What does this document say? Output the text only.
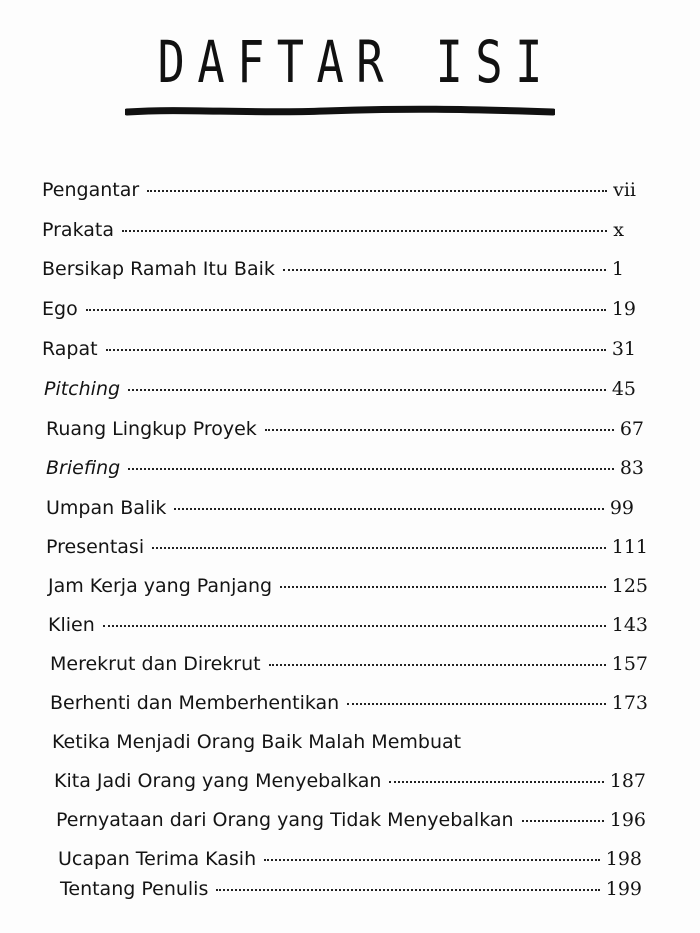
DAFTAR ISI
Pengantar	vii
Prakata	x
Bersikap Ramah Itu Baik	1
Ego	19
Rapat	31
Pitching	45
Ruang Lingkup Proyek	67
Briefing	83
Umpan Balik	99
Presentasi	111
Jam Kerja yang Panjang	125
Klien	143
Merekrut dan Direkrut	157
Berhenti dan Memberhentikan	173
Ketika Menjadi Orang Baik Malah Membuat
Kita Jadi Orang yang Menyebalkan	187
Pernyataan dari Orang yang Tidak Menyebalkan	196
Ucapan Terima Kasih	198
Tentang Penulis	199
